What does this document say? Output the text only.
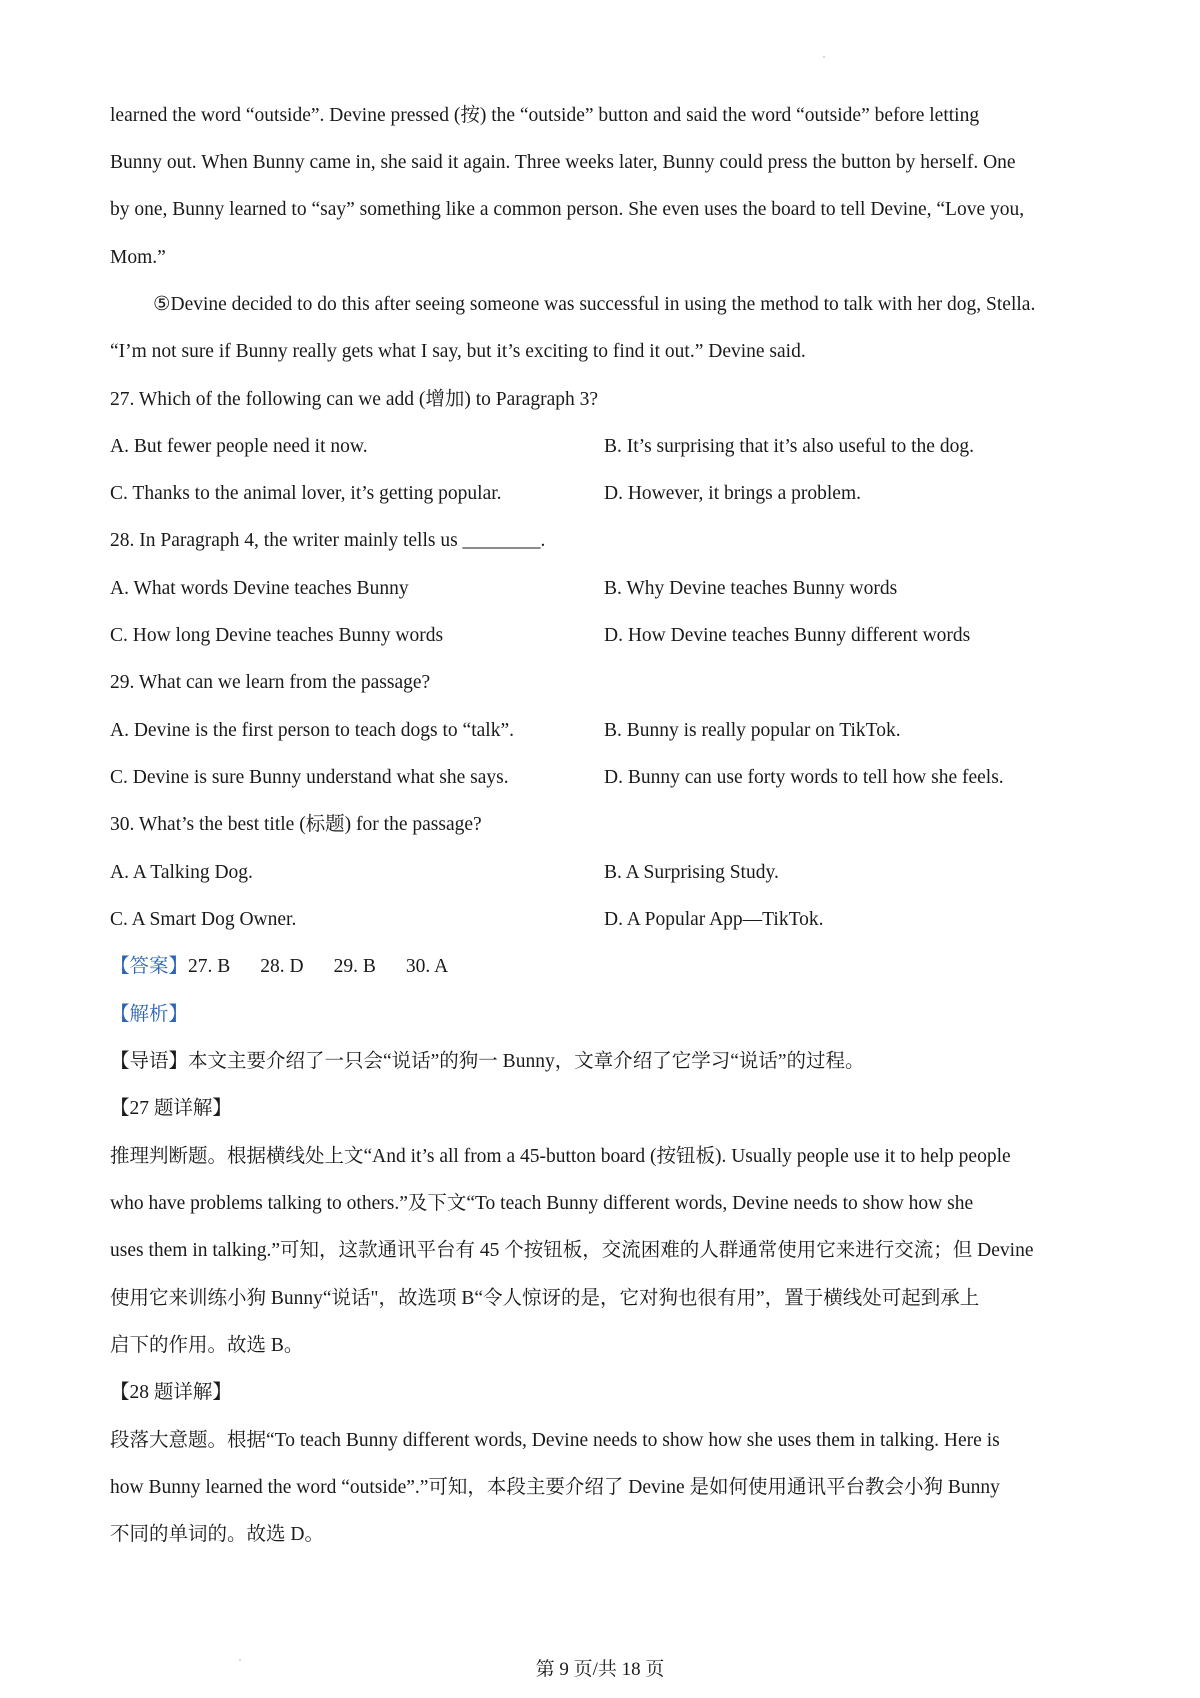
learned the word “outside”. Devine pressed (按) the “outside” button and said the word “outside” before letting
Bunny out. When Bunny came in, she said it again. Three weeks later, Bunny could press the button by herself. One
by one, Bunny learned to “say” something like a common person. She even uses the board to tell Devine, “Love you,
Mom.”
⑤Devine decided to do this after seeing someone was successful in using the method to talk with her dog, Stella.
“I’m not sure if Bunny really gets what I say, but it’s exciting to find it out.” Devine said.
27. Which of the following can we add (增加) to Paragraph 3?
A. But fewer people need it now.	B. It’s surprising that it’s also useful to the dog.
C. Thanks to the animal lover, it’s getting popular.	D. However, it brings a problem.
28. In Paragraph 4, the writer mainly tells us ________.
A. What words Devine teaches Bunny	B. Why Devine teaches Bunny words
C. How long Devine teaches Bunny words	D. How Devine teaches Bunny different words
29. What can we learn from the passage?
A. Devine is the first person to teach dogs to “talk”.	B. Bunny is really popular on TikTok.
C. Devine is sure Bunny understand what she says.	D. Bunny can use forty words to tell how she feels.
30. What’s the best title (标题) for the passage?
A. A Talking Dog.	B. A Surprising Study.
C. A Smart Dog Owner.	D. A Popular App—TikTok.
【答案】27. B 28. D 29. B 30. A
【解析】
【导语】本文主要介绍了一只会“说话”的狗一 Bunny，文章介绍了它学习“说话”的过程。
【27 题详解】
推理判断题。根据横线处上文“And it’s all from a 45-button board (按钮板). Usually people use it to help people
who have problems talking to others.”及下文“To teach Bunny different words, Devine needs to show how she
uses them in talking.”可知，这款通讯平台有 45 个按钮板，交流困难的人群通常使用它来进行交流；但 Devine
使用它来训练小狗 Bunny“说话"，故选项 B“令人惊讶的是，它对狗也很有用”，置于横线处可起到承上
启下的作用。故选 B。
【28 题详解】
段落大意题。根据“To teach Bunny different words, Devine needs to show how she uses them in talking. Here is
how Bunny learned the word “outside”.”可知，本段主要介绍了 Devine 是如何使用通讯平台教会小狗 Bunny
不同的单词的。故选 D。
第 9 页/共 18 页
